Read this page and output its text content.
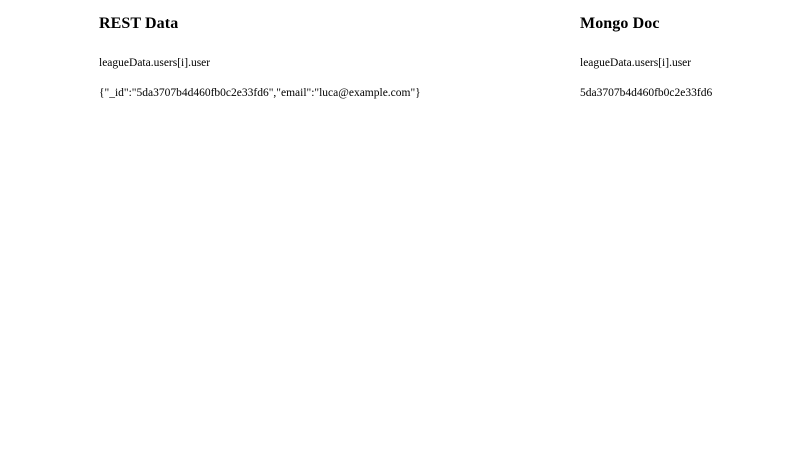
REST Data

leagueData.users[i].user

{"_id":"5da3707b4d460fb0c2e33fd6","email":"luca@example.com"}

Mongo Doc

leagueData.users[i].user

5da3707b4d460fb0c2e33fd6
